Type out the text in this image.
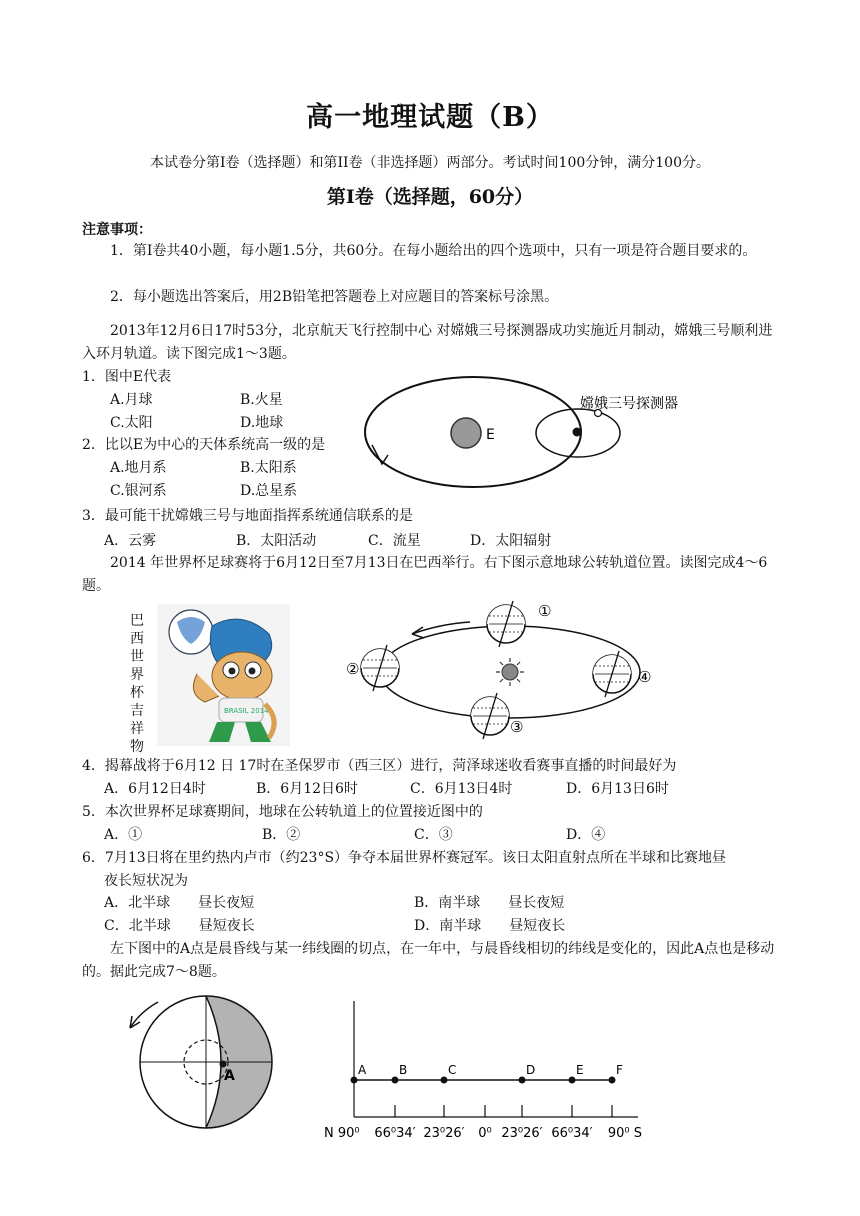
高一地理试题（B）
本试卷分第I卷（选择题）和第II卷（非选择题）两部分。考试时间100分钟，满分100分。
第I卷（选择题，60分）
注意事项：
1．第Ⅰ卷共40小题，每小题1.5分，共60分。在每小题给出的四个选项中，只有一项是符合题目要求的。
2．每小题选出答案后，用2B铅笔把答题卷上对应题目的答案标号涂黑。
2013年12月6日17时53分，北京航天飞行控制中心 对嫦娥三号探测器成功实施近月制动，嫦娥三号顺利进入环月轨道。读下图完成1～3题。
1．图中E代表
A.月球	B.火星
C.太阳	D.地球
2．比以E为中心的天体系统高一级的是
A.地月系	B.太阳系
C.银河系	D.总星系
3．最可能干扰嫦娥三号与地面指挥系统通信联系的是
A．云雾	B．太阳活动	C．流星	D．太阳辐射
E
嫦娥三号探测器
2014 年世界杯足球赛将于6月12日至7月13日在巴西举行。右下图示意地球公转轨道位置。读图完成4～6题。
巴西世界杯吉祥物
BRASIL 2014
①
②
③
④
4．揭幕战将于6月12 日 17时在圣保罗市（西三区）进行，菏泽球迷收看赛事直播的时间最好为
A．6月12日4时	B．6月12日6时	C．6月13日4时	D．6月13日6时
5．本次世界杯足球赛期间，地球在公转轨道上的位置接近图中的
A．①	B．②	C．③	D．④
6．7月13日将在里约热内卢市（约23°S）争夺本届世界杯赛冠军。该日太阳直射点所在半球和比赛地昼
夜长短状况为
A．北半球　　昼长夜短	B．南半球　　昼长夜短
C．北半球　　昼短夜长	D．南半球　　昼短夜长
左下图中的A点是晨昏线与某一纬线圈的切点，在一年中，与晨昏线相切的纬线是变化的，因此A点也是移动的。据此完成7～8题。
A	A	B	C	D	E	F
N 90⁰ 66⁰34′ 23⁰26′ 0⁰ 23⁰26′ 66⁰34′ 90⁰ S
